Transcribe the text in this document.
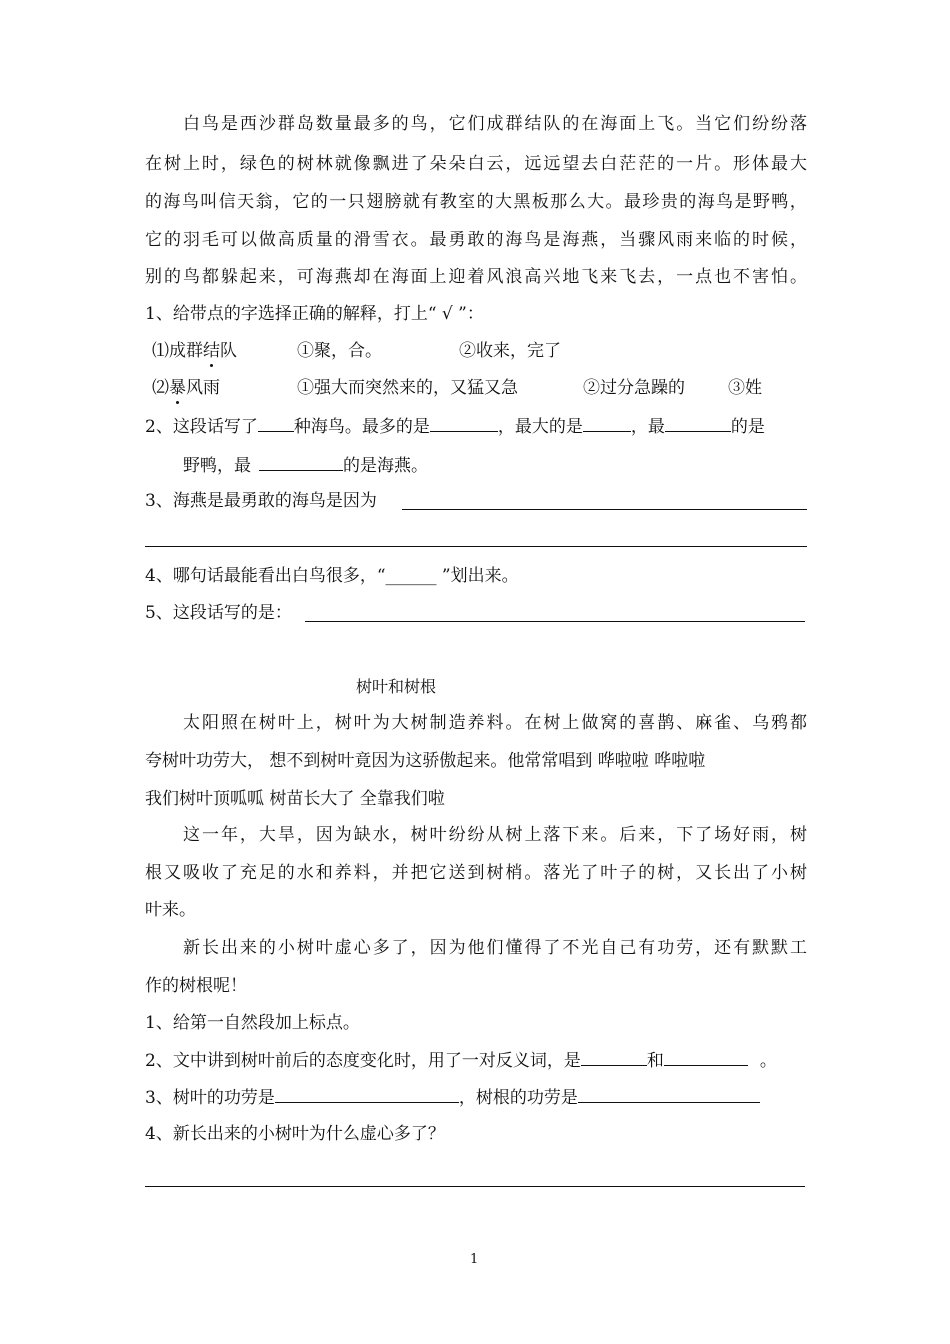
白 鸟 是 西 沙 群 岛 数 量 最 多 的 鸟 ， 它 们 成 群 结 队 的 在 海 面 上 飞 。 当 它 们 纷 纷 落
在 树 上 时 ， 绿 色 的 树 林 就 像 飘 进 了 朵 朵 白 云 ， 远 远 望 去 白 茫 茫 的 一 片 。 形 体 最 大
的 海 鸟 叫 信 天 翁 ， 它 的 一 只 翅 膀 就 有 教 室 的 大 黑 板 那 么 大 。 最 珍 贵 的 海 鸟 是 野 鸭 ，
它 的 羽 毛 可 以 做 高 质 量 的 滑 雪 衣 。 最 勇 敢 的 海 鸟 是 海 燕 ， 当 骤 风 雨 来 临 的 时 候 ，
别 的 鸟 都 躲 起 来 ， 可 海 燕 却 在 海 面 上 迎 着 风 浪 高 兴 地 飞 来 飞 去 ， 一 点 也 不 害 怕 。
1、给带点的字选择正确的解释，打上“ √ ”：
⑴成群结队	①聚，合。	②收来，完了
⑵暴风雨	①强大而突然来的，又猛又急	②过分急躁的	③姓
2、这段话写了 种海鸟。最多的是	，最大的是	，最	的是
野鸭，最	的是海燕。
3、海燕是最勇敢的海鸟是因为
4、哪句话最能看出白鸟很多，“______ ”划出来。
5、这段话写的是：
树叶和树根
太 阳 照 在 树 叶 上 ， 树 叶 为 大 树 制 造 养 料 。 在 树 上 做 窝 的 喜 鹊 、 麻 雀 、 乌 鸦 都
夸树叶功劳大， 想不到树叶竟因为这骄傲起来。他常常唱到 哗啦啦 哗啦啦
我们树叶顶呱呱 树苗长大了 全靠我们啦
这 一 年 ， 大 旱 ， 因 为 缺 水 ， 树 叶 纷 纷 从 树 上 落 下 来 。 后 来 ， 下 了 场 好 雨 ， 树
根 又 吸 收 了 充 足 的 水 和 养 料 ， 并 把 它 送 到 树 梢 。 落 光 了 叶 子 的 树 ， 又 长 出 了 小 树
叶来。
新 长 出 来 的 小 树 叶 虚 心 多 了 ， 因 为 他 们 懂 得 了 不 光 自 己 有 功 劳 ， 还 有 默 默 工
作的树根呢！
1、给第一自然段加上标点。
2、文中讲到树叶前后的态度变化时，用了一对反义词，是	和	。
3、树叶的功劳是	，树根的功劳是
4、新长出来的小树叶为什么虚心多了？
1
